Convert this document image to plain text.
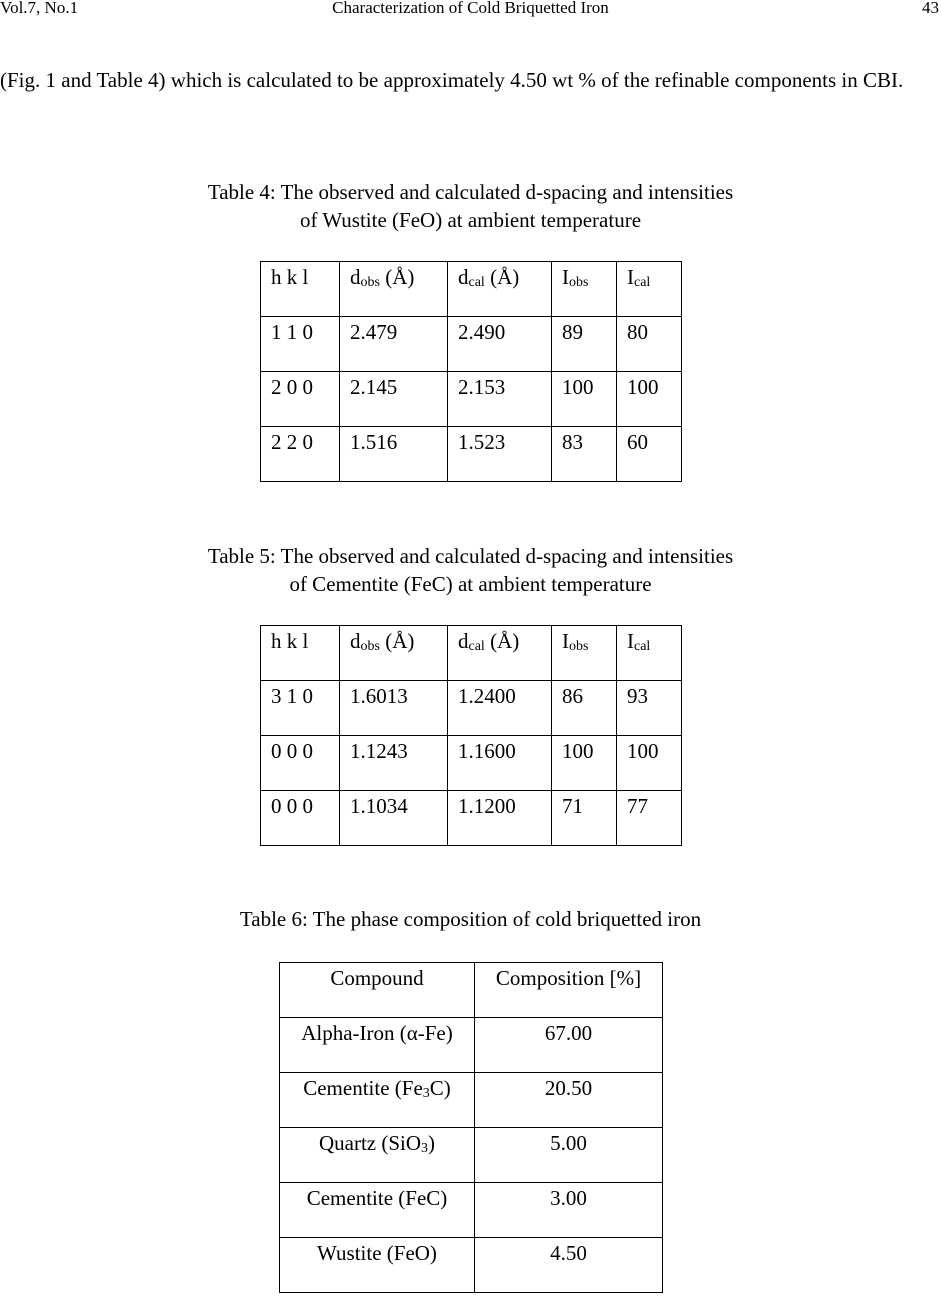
Vol.7, No.1	Characterization of Cold Briquetted Iron	43
(Fig. 1 and Table 4) which is calculated to be approximately 4.50 wt % of the refinable components in CBI.
Table 4: The observed and calculated d-spacing and intensities
of Wustite (FeO) at ambient temperature
h k l	$d_{obs}$ (Å)	$d_{cal}$ (Å)	$I_{obs}$	$I_{cal}$
1 1 0	2.479	2.490	89	80
2 0 0	2.145	2.153	100	100
2 2 0	1.516	1.523	83	60
Table 5: The observed and calculated d-spacing and intensities
of Cementite (FeC) at ambient temperature
h k l	$d_{obs}$ (Å)	$d_{cal}$ (Å)	$I_{obs}$	$I_{cal}$
3 1 0	1.6013	1.2400	86	93
0 0 0	1.1243	1.1600	100	100
0 0 0	1.1034	1.1200	71	77
Table 6: The phase composition of cold briquetted iron
Compound	Composition [%]
Alpha-Iron (α-Fe)	67.00
Cementite $(Fe_3C)$	20.50
Quartz (SiO$_3$)	5.00
Cementite (FeC)	3.00
Wustite (FeO)	4.50
